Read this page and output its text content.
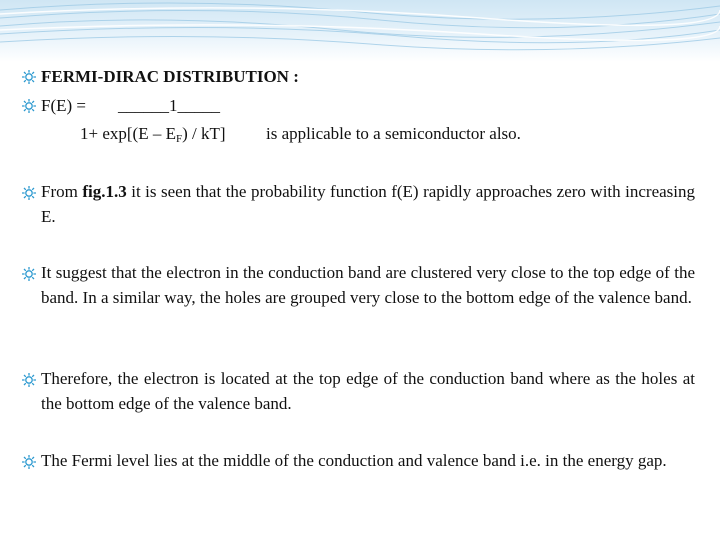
FERMI-DIRAC DISTRIBUTION :
F(E) = ______1_____
$1+ \exp[(E - E_F) / kT]$ is applicable to a semiconductor also.
From fig.1.3 it is seen that the probability function f(E) rapidly approaches zero with increasing E.
It suggest that the electron in the conduction band are clustered very close to the top edge of the band. In a similar way, the holes are grouped very close to the bottom edge of the valence band.
Therefore, the electron is located at the top edge of the conduction band where as the holes at the bottom edge of the valence band.
The Fermi level lies at the middle of the conduction and valence band i.e. in the energy gap.
